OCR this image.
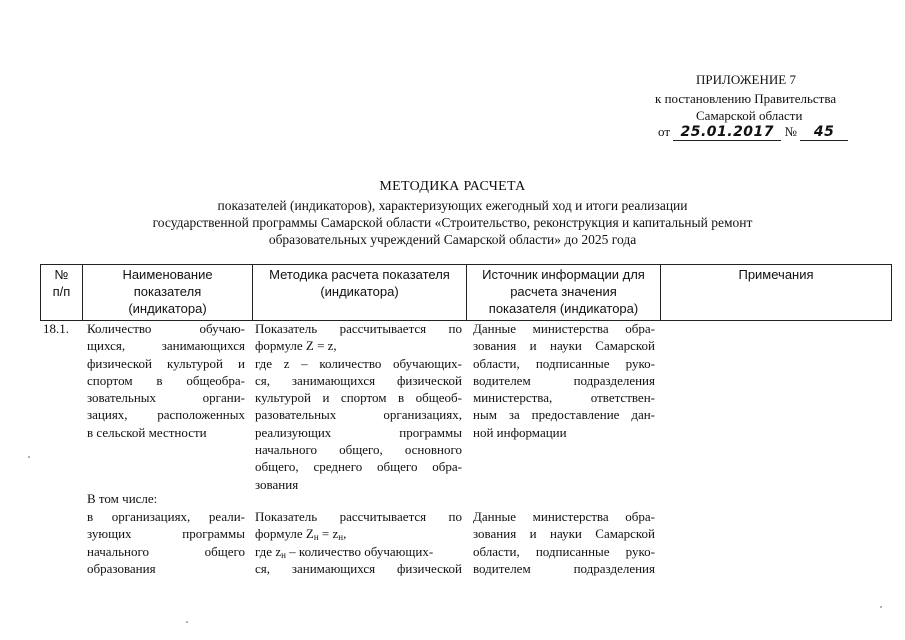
ПРИЛОЖЕНИЕ 7
к постановлению Правительства
Самарской области
от 25.01.2017 № 45
МЕТОДИКА РАСЧЕТА
показателей (индикаторов), характеризующих ежегодный ход и итоги реализации
государственной программы Самарской области «Строительство, реконструкция и капитальный ремонт
образовательных учреждений Самарской области» до 2025 года
№
п/п
Наименование
показателя
(индикатора)
Методика расчета показателя
(индикатора)
Источник информации для
расчета значения
показателя (индикатора)
Примечания
18.1. Количество обучаю-
щихся, занимающихся
физической культурой и
спортом в общеобра-
зовательных органи-
зациях, расположенных
в сельской местности
Показатель рассчитывается по
формуле Z = z,
где z – количество обучающих-
ся, занимающихся физической
культурой и спортом в общеоб-
разовательных организациях,
реализующих программы
начального общего, основного
общего, среднего общего обра-
зования
Данные министерства обра-
зования и науки Самарской
области, подписанные руко-
водителем подразделения
министерства, ответствен-
ным за предоставление дан-
ной информации
В том числе:
в организациях, реали-
зующих программы
начального общего
образования
Показатель рассчитывается по
формуле $Z_н = z_н$,
где $z_н$ – количество обучающих-
ся, занимающихся физической
Данные министерства обра-
зования и науки Самарской
области, подписанные руко-
водителем подразделения
